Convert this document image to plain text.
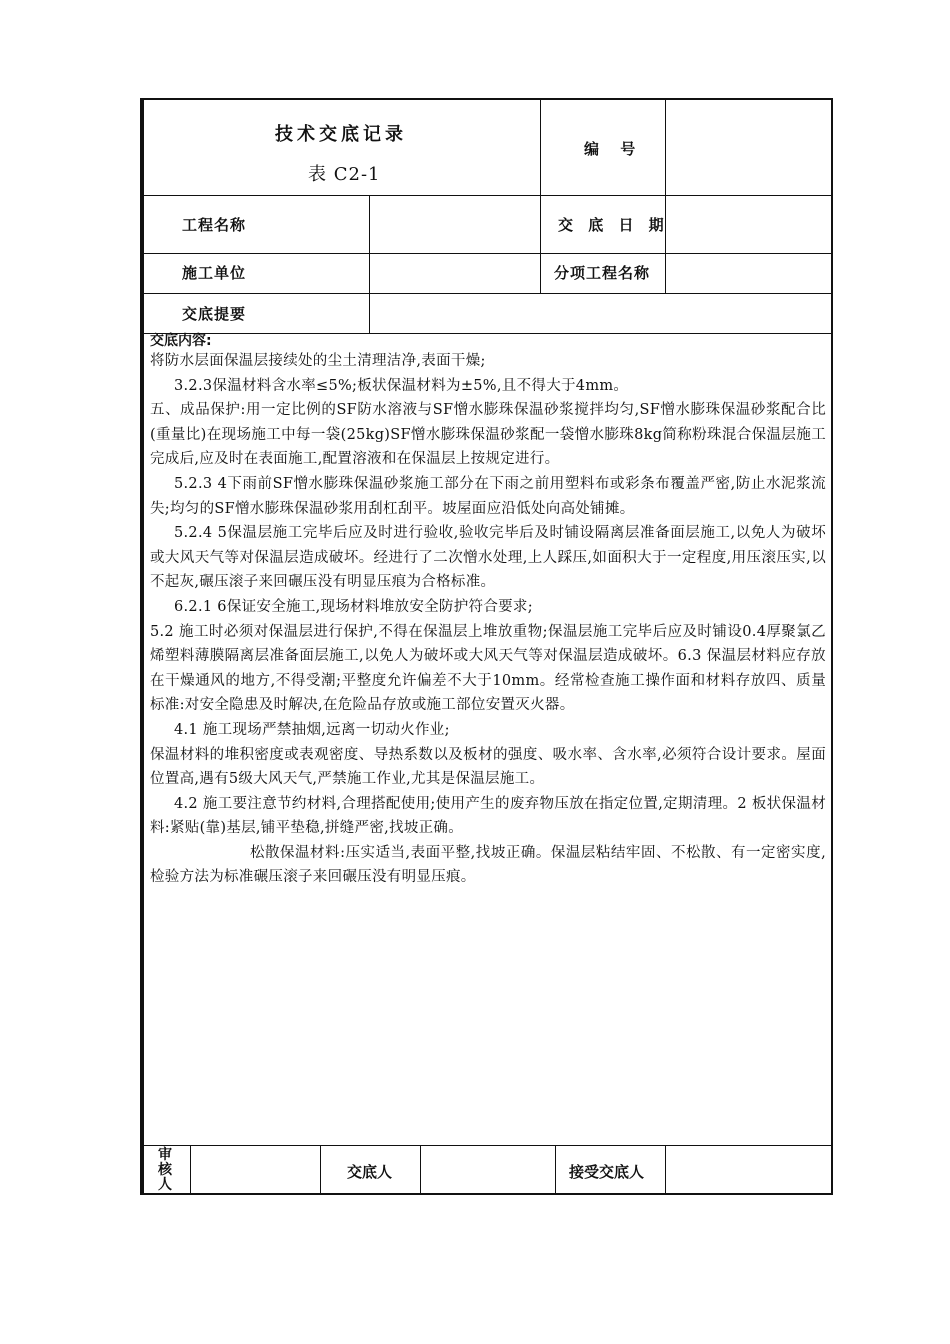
技术交底记录
表 C2-1
编 号
工程名称	交 底 日 期
施工单位	分项工程名称
交底提要
交底内容:

将防水层面保温层接续处的尘土清理洁净,表面干燥;

3.2.3保温材料含水率≤5%;板状保温材料为±5%,且不得大于4mm。

五、成品保护:用一定比例的SF防水溶液与SF憎水膨珠保温砂浆搅拌均匀,SF憎水膨珠保温砂浆配合比(重量比)在现场施工中每一袋(25kg)SF憎水膨珠保温砂浆配一袋憎水膨珠8kg简称粉珠混合保温层施工完成后,应及时在表面施工,配置溶液和在保温层上按规定进行。

5.2.3 4下雨前SF憎水膨珠保温砂浆施工部分在下雨之前用塑料布或彩条布覆盖严密,防止水泥浆流失;均匀的SF憎水膨珠保温砂浆用刮杠刮平。坡屋面应沿低处向高处铺摊。

5.2.4 5保温层施工完毕后应及时进行验收,验收完毕后及时铺设隔离层准备面层施工,以免人为破坏或大风天气等对保温层造成破坏。经进行了二次憎水处理,上人踩压,如面积大于一定程度,用压滚压实,以不起灰,碾压滚子来回碾压没有明显压痕为合格标准。

6.2.1 6保证安全施工,现场材料堆放安全防护符合要求;

5.2 施工时必须对保温层进行保护,不得在保温层上堆放重物;保温层施工完毕后应及时铺设0.4厚聚氯乙烯塑料薄膜隔离层准备面层施工,以免人为破坏或大风天气等对保温层造成破坏。6.3 保温层材料应存放在干燥通风的地方,不得受潮;平整度允许偏差不大于10mm。经常检查施工操作面和材料存放四、质量标准:对安全隐患及时解决,在危险品存放或施工部位安置灭火器。

4.1 施工现场严禁抽烟,远离一切动火作业;

保温材料的堆积密度或表观密度、导热系数以及板材的强度、吸水率、含水率,必须符合设计要求。屋面位置高,遇有5级大风天气,严禁施工作业,尤其是保温层施工。

4.2 施工要注意节约材料,合理搭配使用;使用产生的废弃物压放在指定位置,定期清理。2 板状保温材料:紧贴(靠)基层,铺平垫稳,拼缝严密,找坡正确。

松散保温材料:压实适当,表面平整,找坡正确。保温层粘结牢固、不松散、有一定密实度,检验方法为标准碾压滚子来回碾压没有明显压痕。

审核人
交底人	接受交底人
